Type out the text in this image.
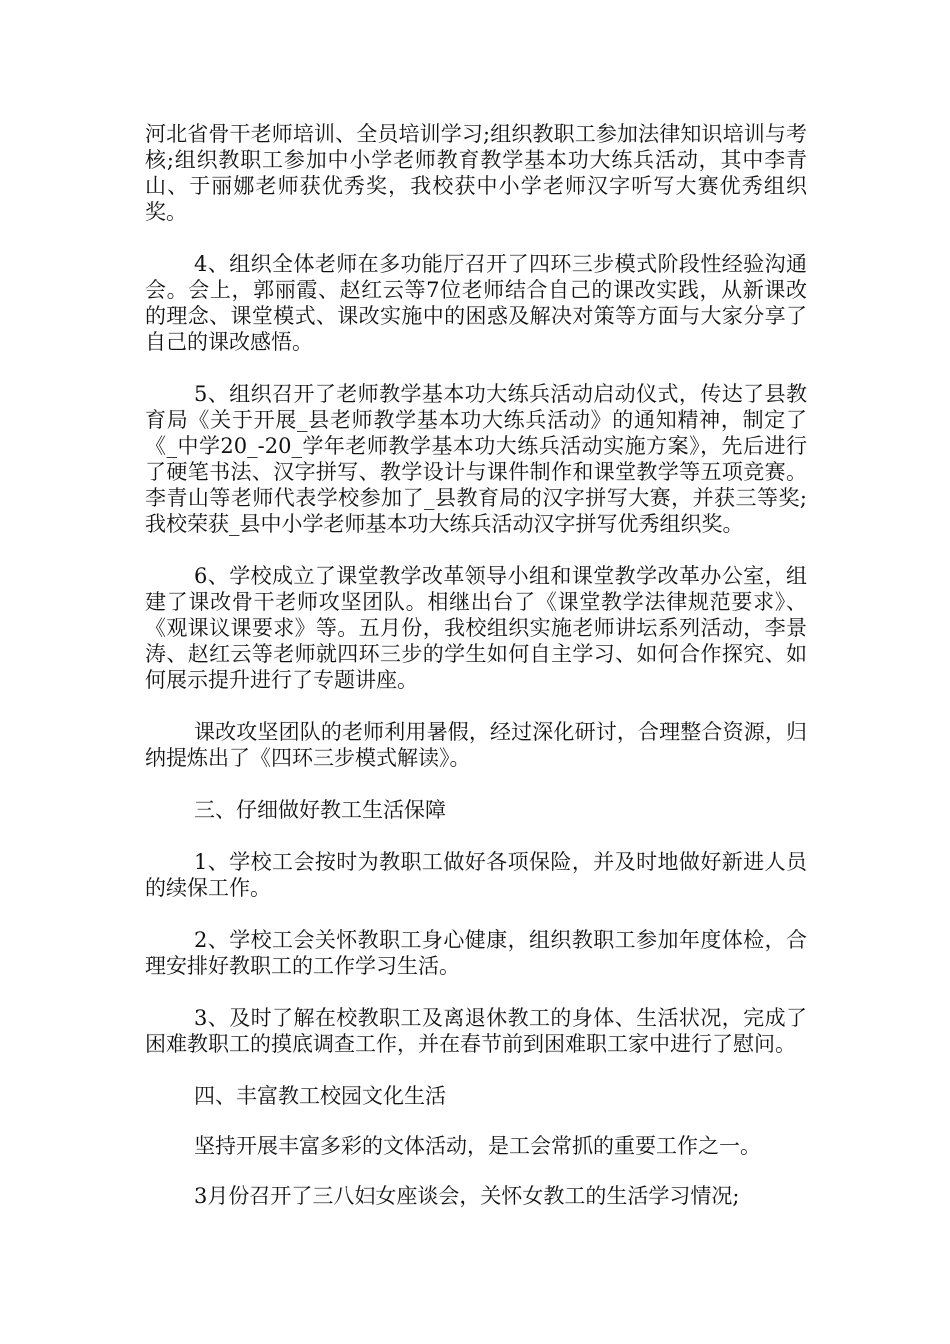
河北省骨干老师培训、全员培训学习;组织教职工参加法律知识培训与考核;组织教职工参加中小学老师教育教学基本功大练兵活动，其中李青山、于丽娜老师获优秀奖，我校获中小学老师汉字听写大赛优秀组织奖。

4、组织全体老师在多功能厅召开了四环三步模式阶段性经验沟通会。会上，郭丽霞、赵红云等7位老师结合自己的课改实践，从新课改的理念、课堂模式、课改实施中的困惑及解决对策等方面与大家分享了自己的课改感悟。

5、组织召开了老师教学基本功大练兵活动启动仪式，传达了县教育局《关于开展_县老师教学基本功大练兵活动》的通知精神，制定了《_中学20_-20_学年老师教学基本功大练兵活动实施方案》，先后进行了硬笔书法、汉字拼写、教学设计与课件制作和课堂教学等五项竞赛。李青山等老师代表学校参加了_县教育局的汉字拼写大赛，并获三等奖;我校荣获_县中小学老师基本功大练兵活动汉字拼写优秀组织奖。

6、学校成立了课堂教学改革领导小组和课堂教学改革办公室，组建了课改骨干老师攻坚团队。相继出台了《课堂教学法律规范要求》、《观课议课要求》等。五月份，我校组织实施老师讲坛系列活动，李景涛、赵红云等老师就四环三步的学生如何自主学习、如何合作探究、如何展示提升进行了专题讲座。

课改攻坚团队的老师利用暑假，经过深化研讨，合理整合资源，归纳提炼出了《四环三步模式解读》。

三、仔细做好教工生活保障

1、学校工会按时为教职工做好各项保险，并及时地做好新进人员的续保工作。

2、学校工会关怀教职工身心健康，组织教职工参加年度体检，合理安排好教职工的工作学习生活。

3、及时了解在校教职工及离退休教工的身体、生活状况，完成了困难教职工的摸底调查工作，并在春节前到困难职工家中进行了慰问。

四、丰富教工校园文化生活

坚持开展丰富多彩的文体活动，是工会常抓的重要工作之一。

3月份召开了三八妇女座谈会，关怀女教工的生活学习情况;
